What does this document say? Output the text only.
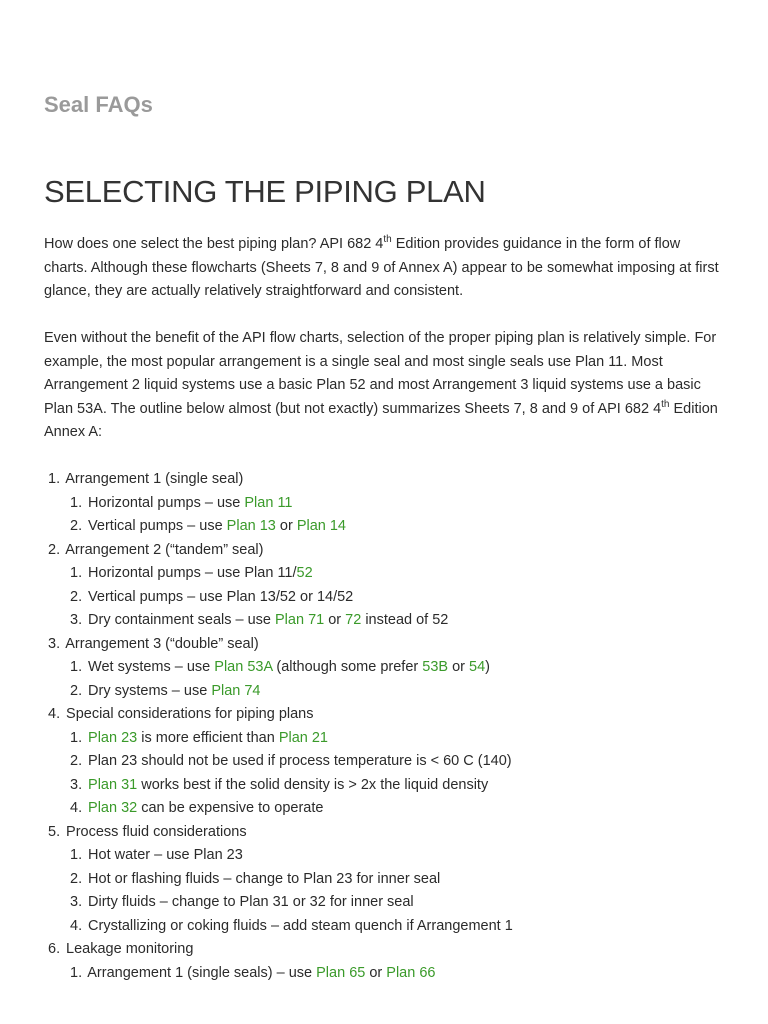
Seal FAQs
SELECTING THE PIPING PLAN

How does one select the best piping plan? API 682 4th Edition provides guidance in the form of flow charts. Although these flowcharts (Sheets 7, 8 and 9 of Annex A) appear to be somewhat imposing at first glance, they are actually relatively straightforward and consistent.

Even without the benefit of the API flow charts, selection of the proper piping plan is relatively simple. For example, the most popular arrangement is a single seal and most single seals use Plan 11. Most Arrangement 2 liquid systems use a basic Plan 52 and most Arrangement 3 liquid systems use a basic Plan 53A. The outline below almost (but not exactly) summarizes Sheets 7, 8 and 9 of API 682 4th Edition Annex A:

1. Arrangement 1 (single seal)
1. Horizontal pumps – use Plan 11
2. Vertical pumps – use Plan 13 or Plan 14
2. Arrangement 2 (“tandem” seal)
1. Horizontal pumps – use Plan 11/52
2. Vertical pumps – use Plan 13/52 or 14/52
3. Dry containment seals – use Plan 71 or 72 instead of 52
3. Arrangement 3 (“double” seal)
1. Wet systems – use Plan 53A (although some prefer 53B or 54)
2. Dry systems – use Plan 74
4. Special considerations for piping plans
1. Plan 23 is more efficient than Plan 21
2. Plan 23 should not be used if process temperature is < 60 C (140)
3. Plan 31 works best if the solid density is > 2x the liquid density
4. Plan 32 can be expensive to operate
5. Process fluid considerations
1. Hot water – use Plan 23
2. Hot or flashing fluids – change to Plan 23 for inner seal
3. Dirty fluids – change to Plan 31 or 32 for inner seal
4. Crystallizing or coking fluids – add steam quench if Arrangement 1
6. Leakage monitoring
1. Arrangement 1 (single seals) – use Plan 65 or Plan 66
